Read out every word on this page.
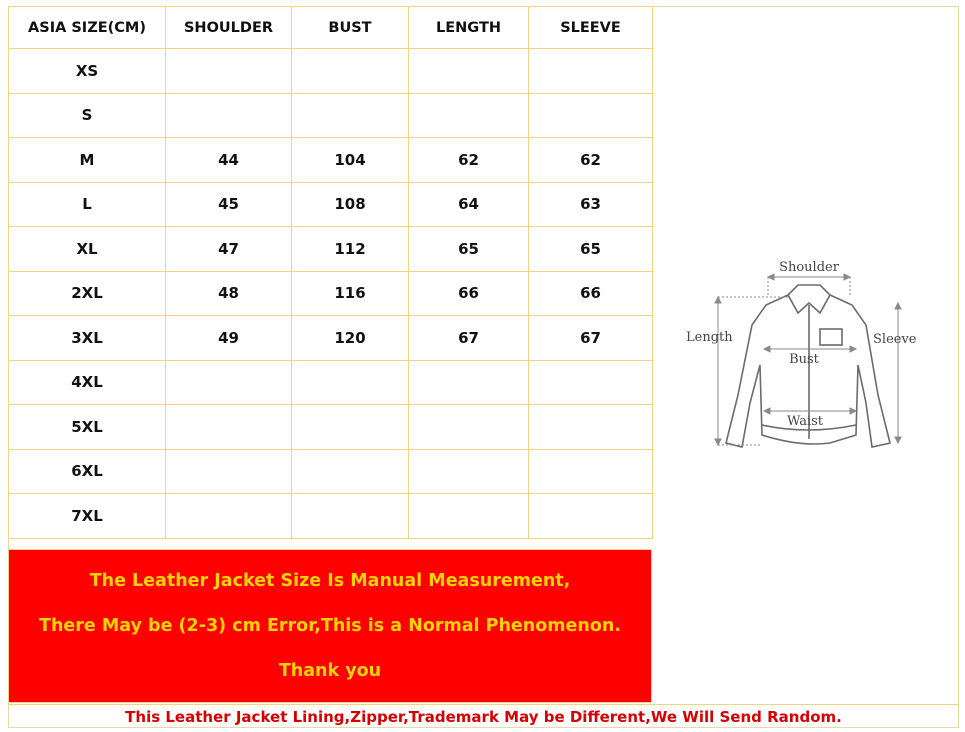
ASIA SIZE(CM)	SHOULDER	BUST	LENGTH	SLEEVE
XS				
S				
M	44	104	62	62
L	45	108	64	63
XL	47	112	65	65
2XL	48	116	66	66
3XL	49	120	67	67
4XL				
5XL				
6XL				
7XL				
The Leather Jacket Size Is Manual Measurement,
There May be (2-3) cm Error,This is a Normal Phenomenon.
Thank you
This Leather Jacket Lining,Zipper,Trademark May be Different,We Will Send Random.
Shoulder
Length	Sleeve
Bust
Waist
